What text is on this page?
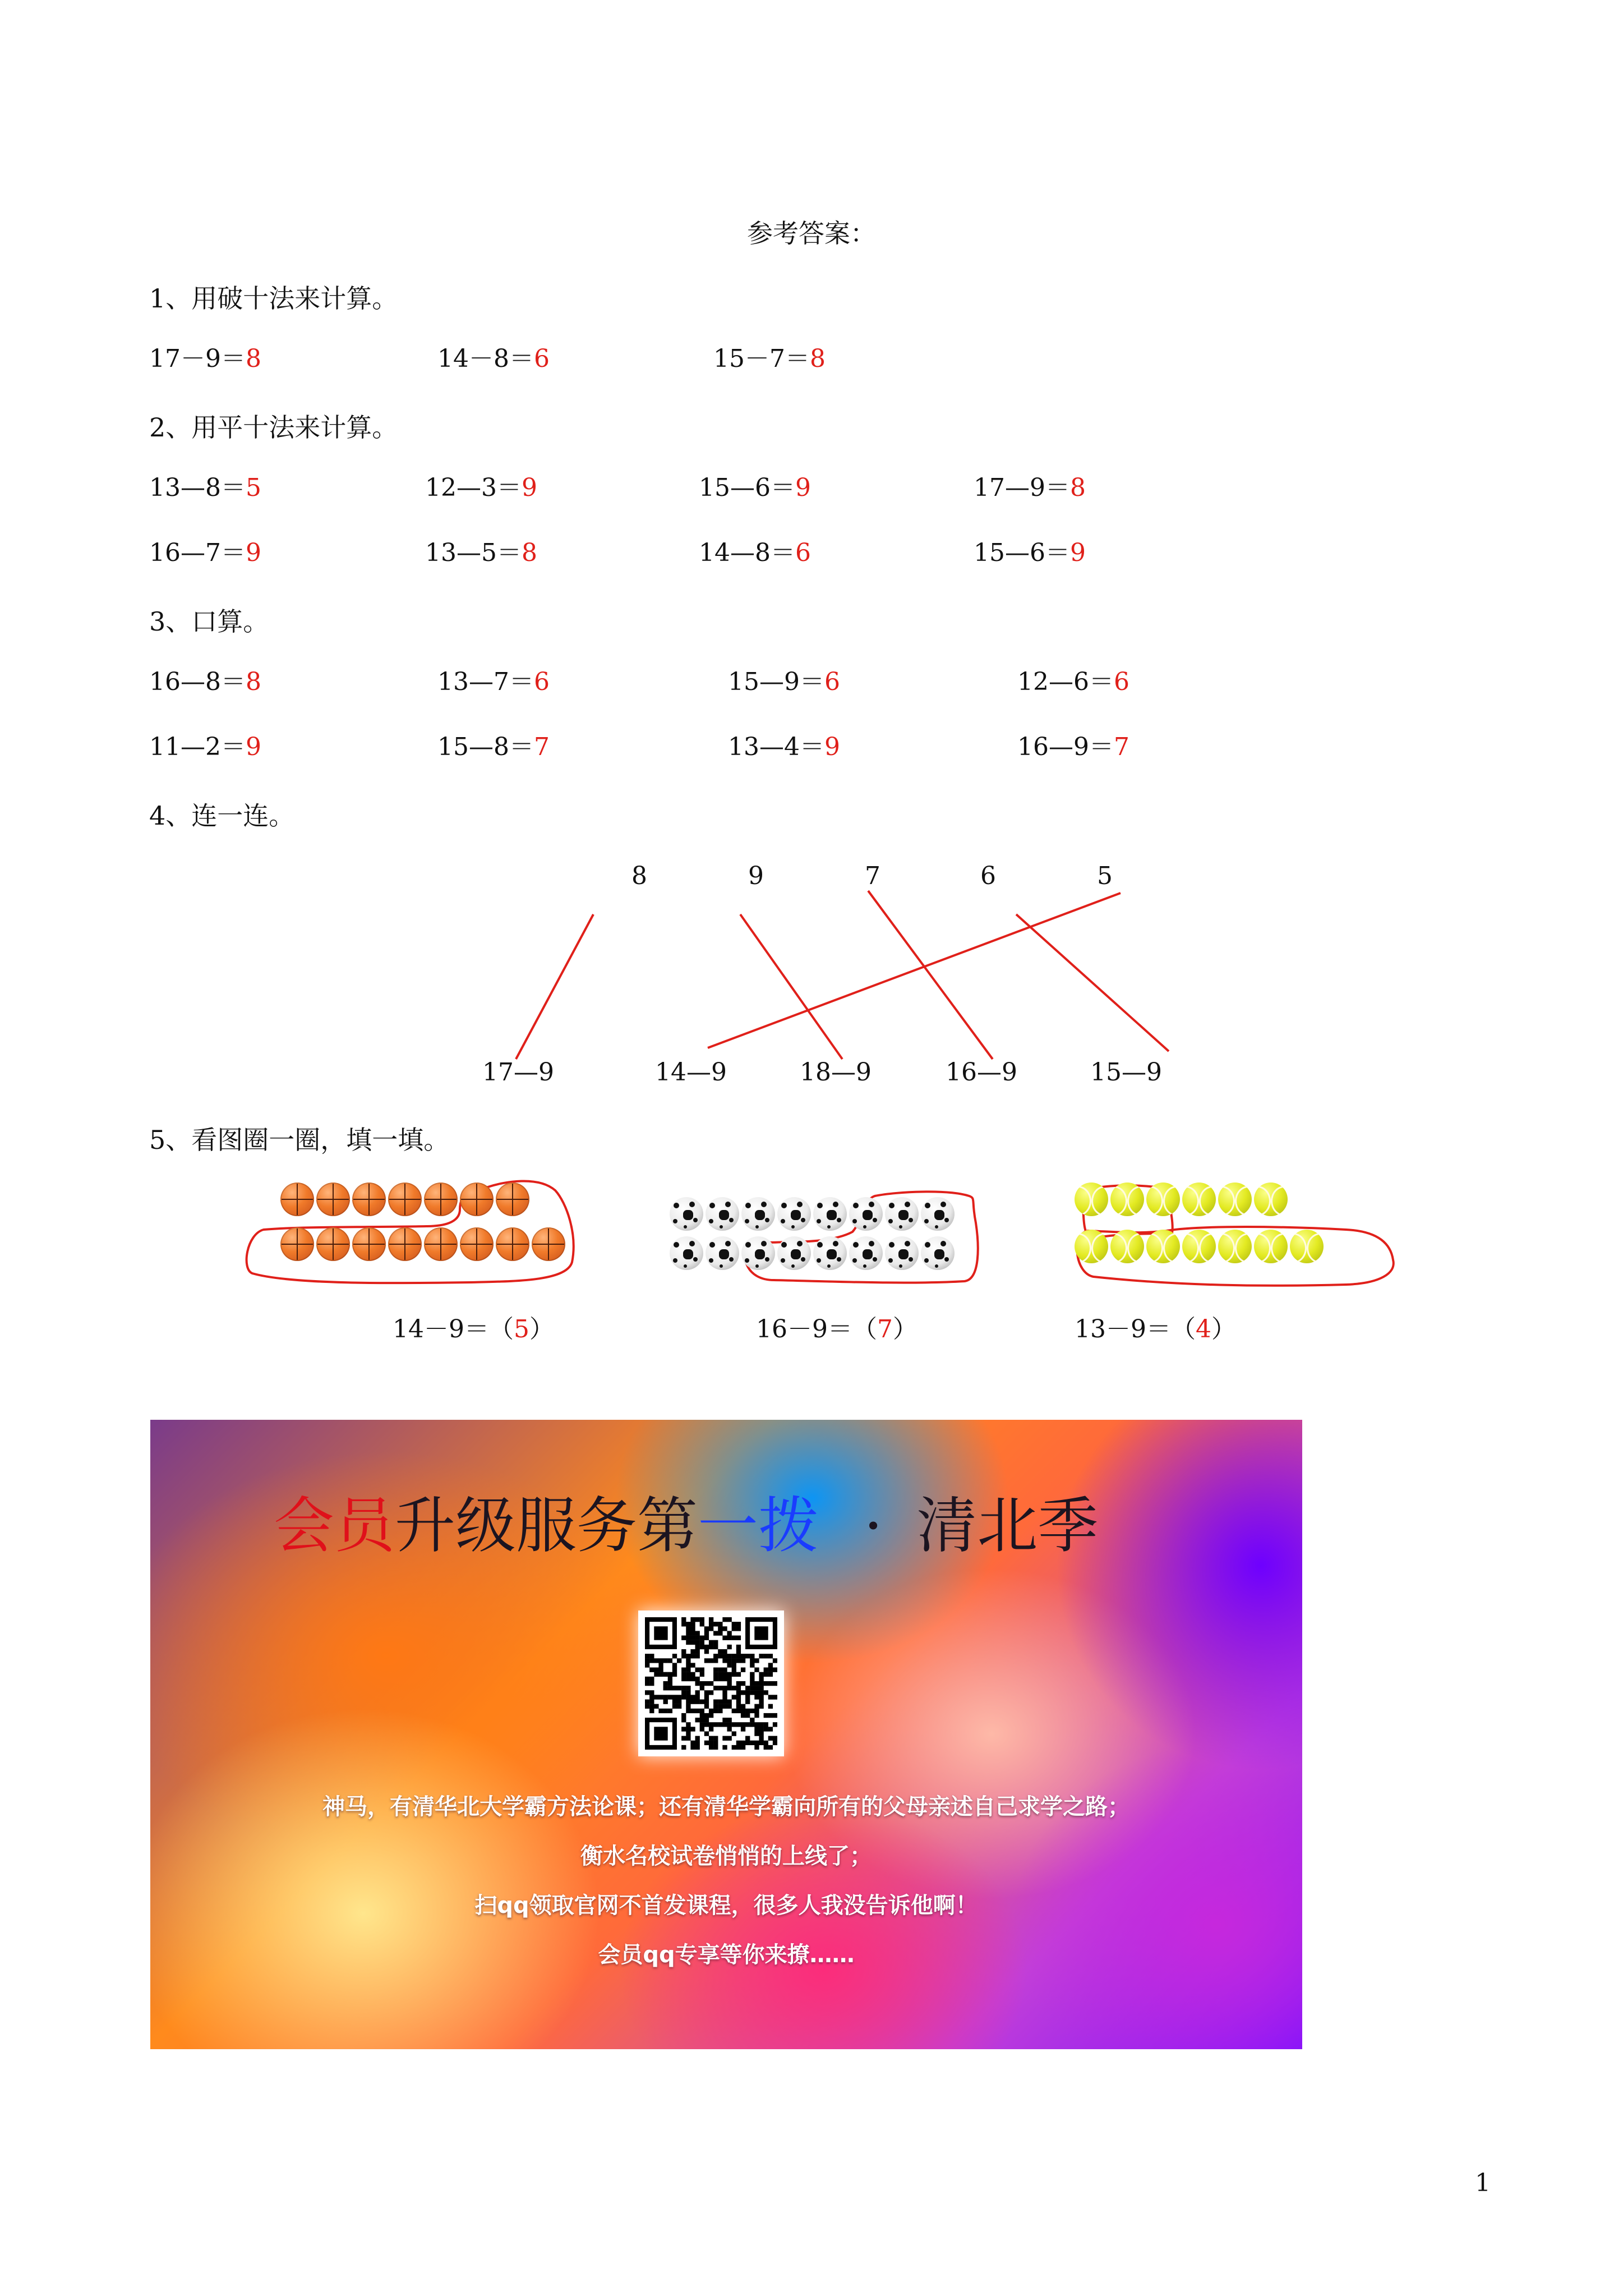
参考答案：
1、用破十法来计算。
17－9＝8	14－8＝6	15－7＝8
2、用平十法来计算。
13—8＝5	12—3＝9	15—6＝9	17—9＝8
16—7＝9	13—5＝8	14—8＝6	15—6＝9
3、口算。
16—8＝8	13—7＝6	15—9＝6	12—6＝6
11—2＝9	15—8＝7	13—4＝9	16—9＝7
4、连一连。
8	9	7	6	5
17—9	14—9	18—9	16—9	15—9
5、看图圈一圈，填一填。
14－9＝（5）	16－9＝（7）	13－9＝（4）
会员升级服务第一拨 · 清北季
神马，有清华北大学霸方法论课；还有清华学霸向所有的父母亲述自己求学之路；
衡水名校试卷悄悄的上线了；
扫qq领取官网不首发课程，很多人我没告诉他啊！
会员qq专享等你来撩……
1
